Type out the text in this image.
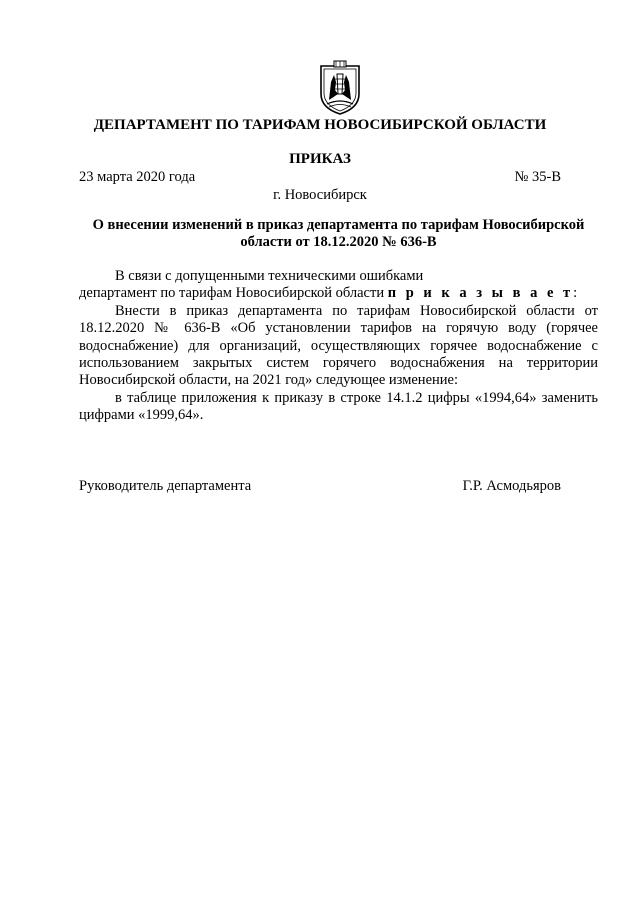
ДЕПАРТАМЕНТ ПО ТАРИФАМ НОВОСИБИРСКОЙ ОБЛАСТИ
ПРИКАЗ
23 марта 2020 года	№ 35-В
г. Новосибирск
О внесении изменений в приказ департамента по тарифам Новосибирской
области от 18.12.2020 № 636-В

В связи с допущенными техническими ошибками

департамент по тарифам Новосибирской области п р и к а з ы в а е т:

Внести в приказ департамента по тарифам Новосибирской области от 18.12.2020 № 636-В «Об установлении тарифов на горячую воду (горячее водоснабжение) для организаций, осуществляющих горячее водоснабжение с использованием закрытых систем горячего водоснабжения на территории Новосибирской области, на 2021 год» следующее изменение:

в таблице приложения к приказу в строке 14.1.2 цифры «1994,64» заменить цифрами «1999,64».

Руководитель департамента	Г.Р. Асмодьяров
